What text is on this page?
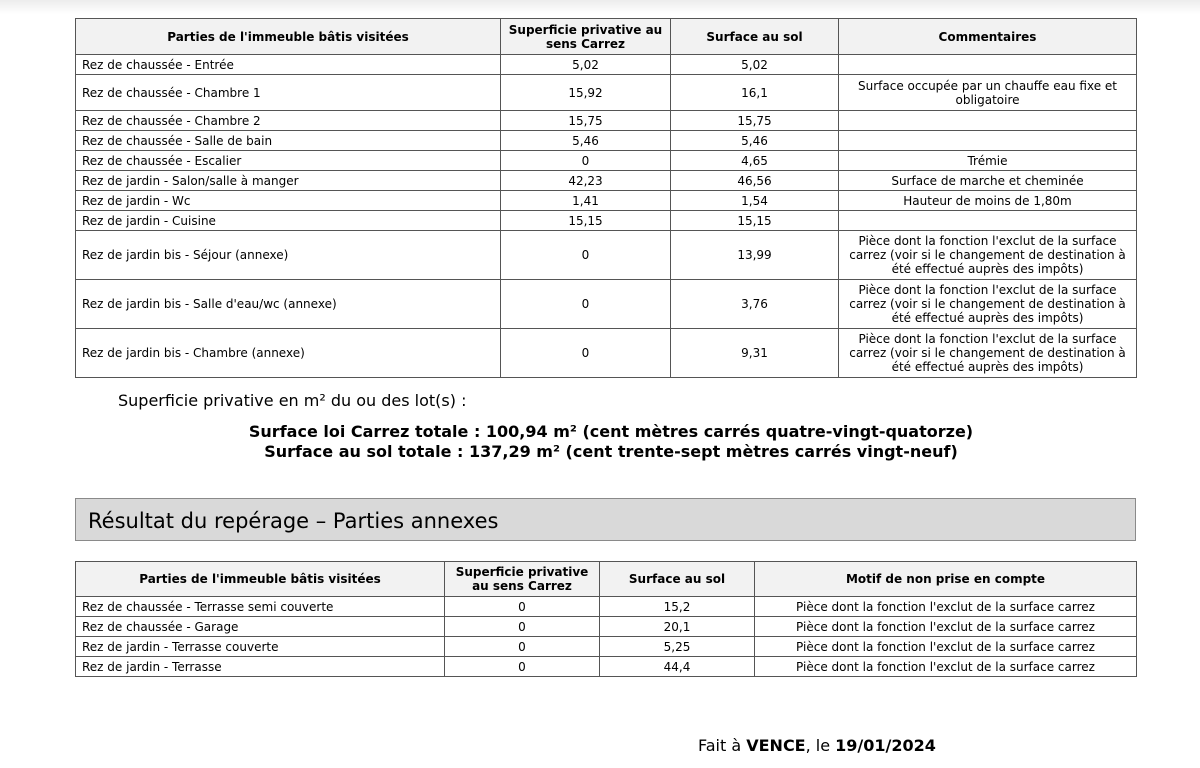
Parties de l'immeuble bâtis visitées	Superficie privative au sens Carrez	Surface au sol	Commentaires
Rez de chaussée - Entrée	5,02	5,02	
Rez de chaussée - Chambre 1	15,92	16,1	Surface occupée par un chauffe eau fixe et obligatoire
Rez de chaussée - Chambre 2	15,75	15,75	
Rez de chaussée - Salle de bain	5,46	5,46	
Rez de chaussée - Escalier	0	4,65	Trémie
Rez de jardin - Salon/salle à manger	42,23	46,56	Surface de marche et cheminée
Rez de jardin - Wc	1,41	1,54	Hauteur de moins de 1,80m
Rez de jardin - Cuisine	15,15	15,15	
Rez de jardin bis - Séjour (annexe)	0	13,99	Pièce dont la fonction l'exclut de la surface carrez (voir si le changement de destination à été effectué auprès des impôts)
Rez de jardin bis - Salle d'eau/wc (annexe)	0	3,76	Pièce dont la fonction l'exclut de la surface carrez (voir si le changement de destination à été effectué auprès des impôts)
Rez de jardin bis - Chambre (annexe)	0	9,31	Pièce dont la fonction l'exclut de la surface carrez (voir si le changement de destination à été effectué auprès des impôts)
Superficie privative en m² du ou des lot(s) :
Surface loi Carrez totale : 100,94 m² (cent mètres carrés quatre-vingt-quatorze)
Surface au sol totale : 137,29 m² (cent trente-sept mètres carrés vingt-neuf)
Résultat du repérage – Parties annexes
Parties de l'immeuble bâtis visitées	Superficie privative au sens Carrez	Surface au sol	Motif de non prise en compte
Rez de chaussée - Terrasse semi couverte	0	15,2	Pièce dont la fonction l'exclut de la surface carrez
Rez de chaussée - Garage	0	20,1	Pièce dont la fonction l'exclut de la surface carrez
Rez de jardin - Terrasse couverte	0	5,25	Pièce dont la fonction l'exclut de la surface carrez
Rez de jardin - Terrasse	0	44,4	Pièce dont la fonction l'exclut de la surface carrez
Fait à VENCE, le 19/01/2024
